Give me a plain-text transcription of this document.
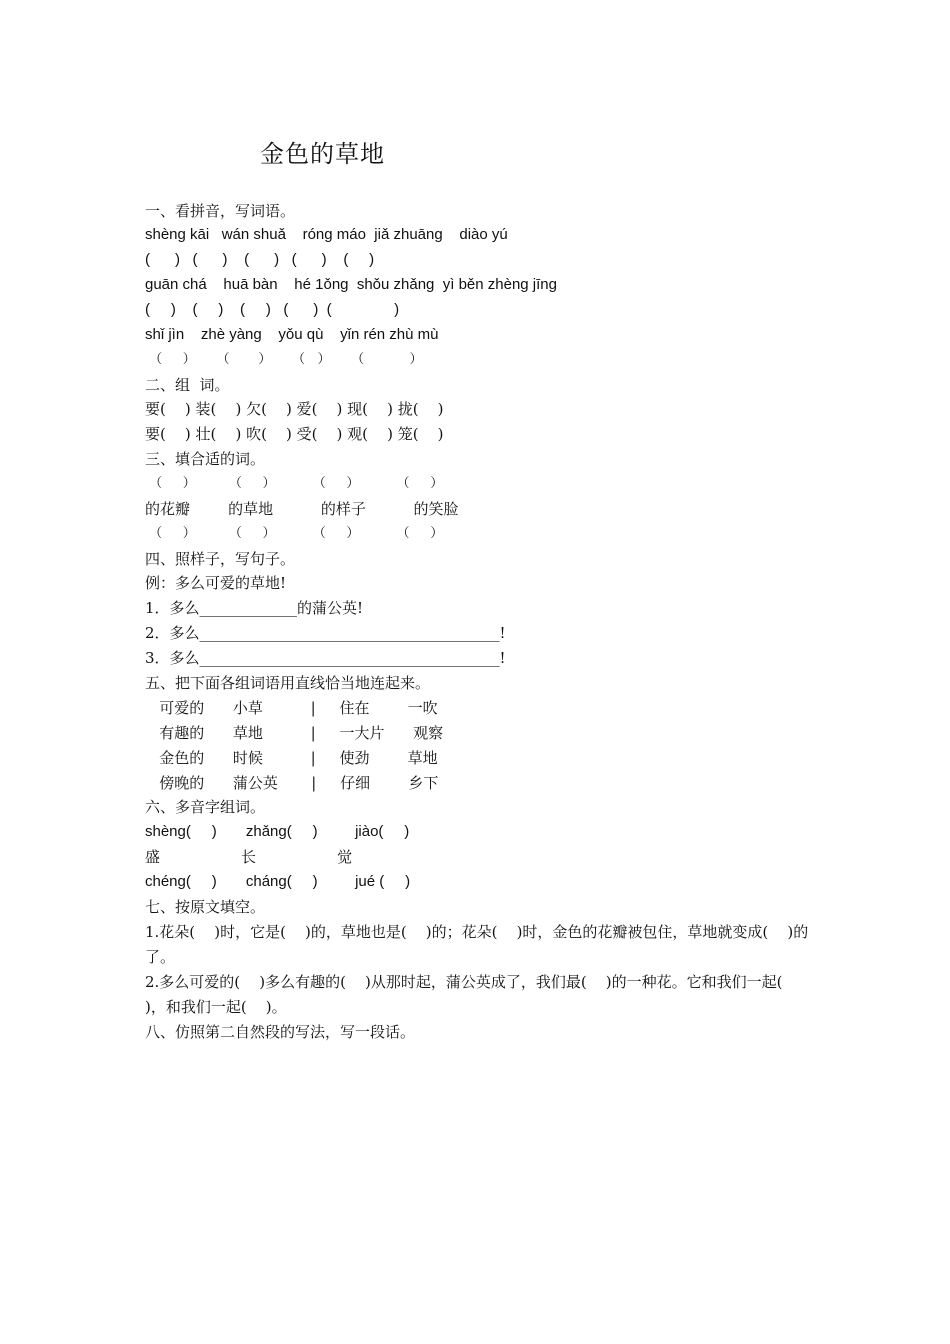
金色的草地
一、看拼音，写词语。
shèng kāi   wán shuǎ    róng máo  jiǎ zhuāng    diào yú
(      )   (      )    (      )   (      )    (     )
guān chá    huā bàn    hé 1ǒng  shǒu zhǎng  yì běn zhèng jīng
(     )    (     )    (     )   (      )  (               )
shǐ jìn    zhè yàng    yǒu qù    yǐn rén zhù mù
（     ）     （       ）     （   ）     （           ）
二、组  词。
要(    ) 装(    ) 欠(    ) 爱(    ) 现(    ) 拢(    )
要(    ) 壮(    ) 吹(    ) 受(    ) 观(    ) 笼(    )
三、填合适的词。
（     ）        （     ）         （     ）         （     ）
的花瓣        的草地          的样子          的笑脸
（     ）        （     ）         （     ）         （     ）
四、照样子，写句子。
例：多么可爱的草地!
1．多么_____________的蒲公英!
2．多么________________________________________!
3．多么________________________________________!
五、把下面各组词语用直线恰当地连起来。
可爱的      小草          |     住在        一吹
有趣的      草地          |     一大片      观察
金色的      时候          |     使劲        草地
傍晚的      蒲公英       |     仔细        乡下
六、多音字组词。
shèng(     )       zhǎng(     )         jiào(     )
盛                 长                 觉
chéng(     )       cháng(     )         jué (     )
七、按原文填空。
1.花朵(    )时，它是(    )的，草地也是(    )的；花朵(    )时，金色的花瓣被包住，草地就变成(    )的
了。
2.多么可爱的(    )多么有趣的(    )从那时起，蒲公英成了，我们最(    )的一种花。它和我们一起(
)，和我们一起(    )。
八、仿照第二自然段的写法，写一段话。
